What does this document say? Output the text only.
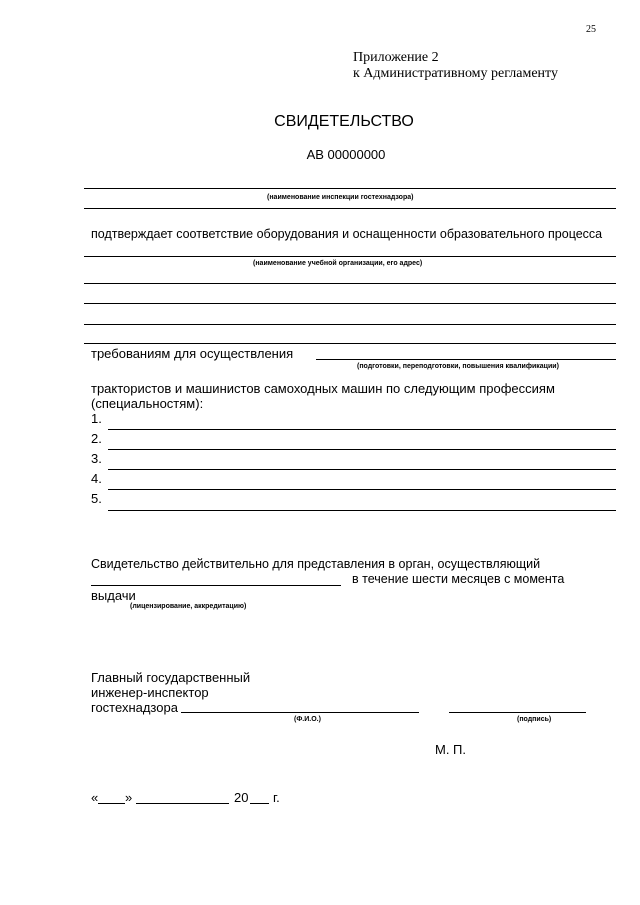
25
Приложение 2
к Административному регламенту
СВИДЕТЕЛЬСТВО
АВ 00000000
(наименование инспекции гостехнадзора)
подтверждает соответствие оборудования и оснащенности образовательного процесса
(наименование учебной организации, его адрес)
требованиям для осуществления
(подготовки, переподготовки, повышения квалификации)
трактористов и машинистов самоходных машин по следующим профессиям
(специальностям):
1.
2.
3.
4.
5.
Свидетельство действительно для представления в орган, осуществляющий
в течение шести месяцев с момента
выдачи
(лицензирование, аккредитацию)
Главный государственный
инженер-инспектор
гостехнадзора
(Ф.И.О.)	(подпись)
М. П.
« »	20 г.
